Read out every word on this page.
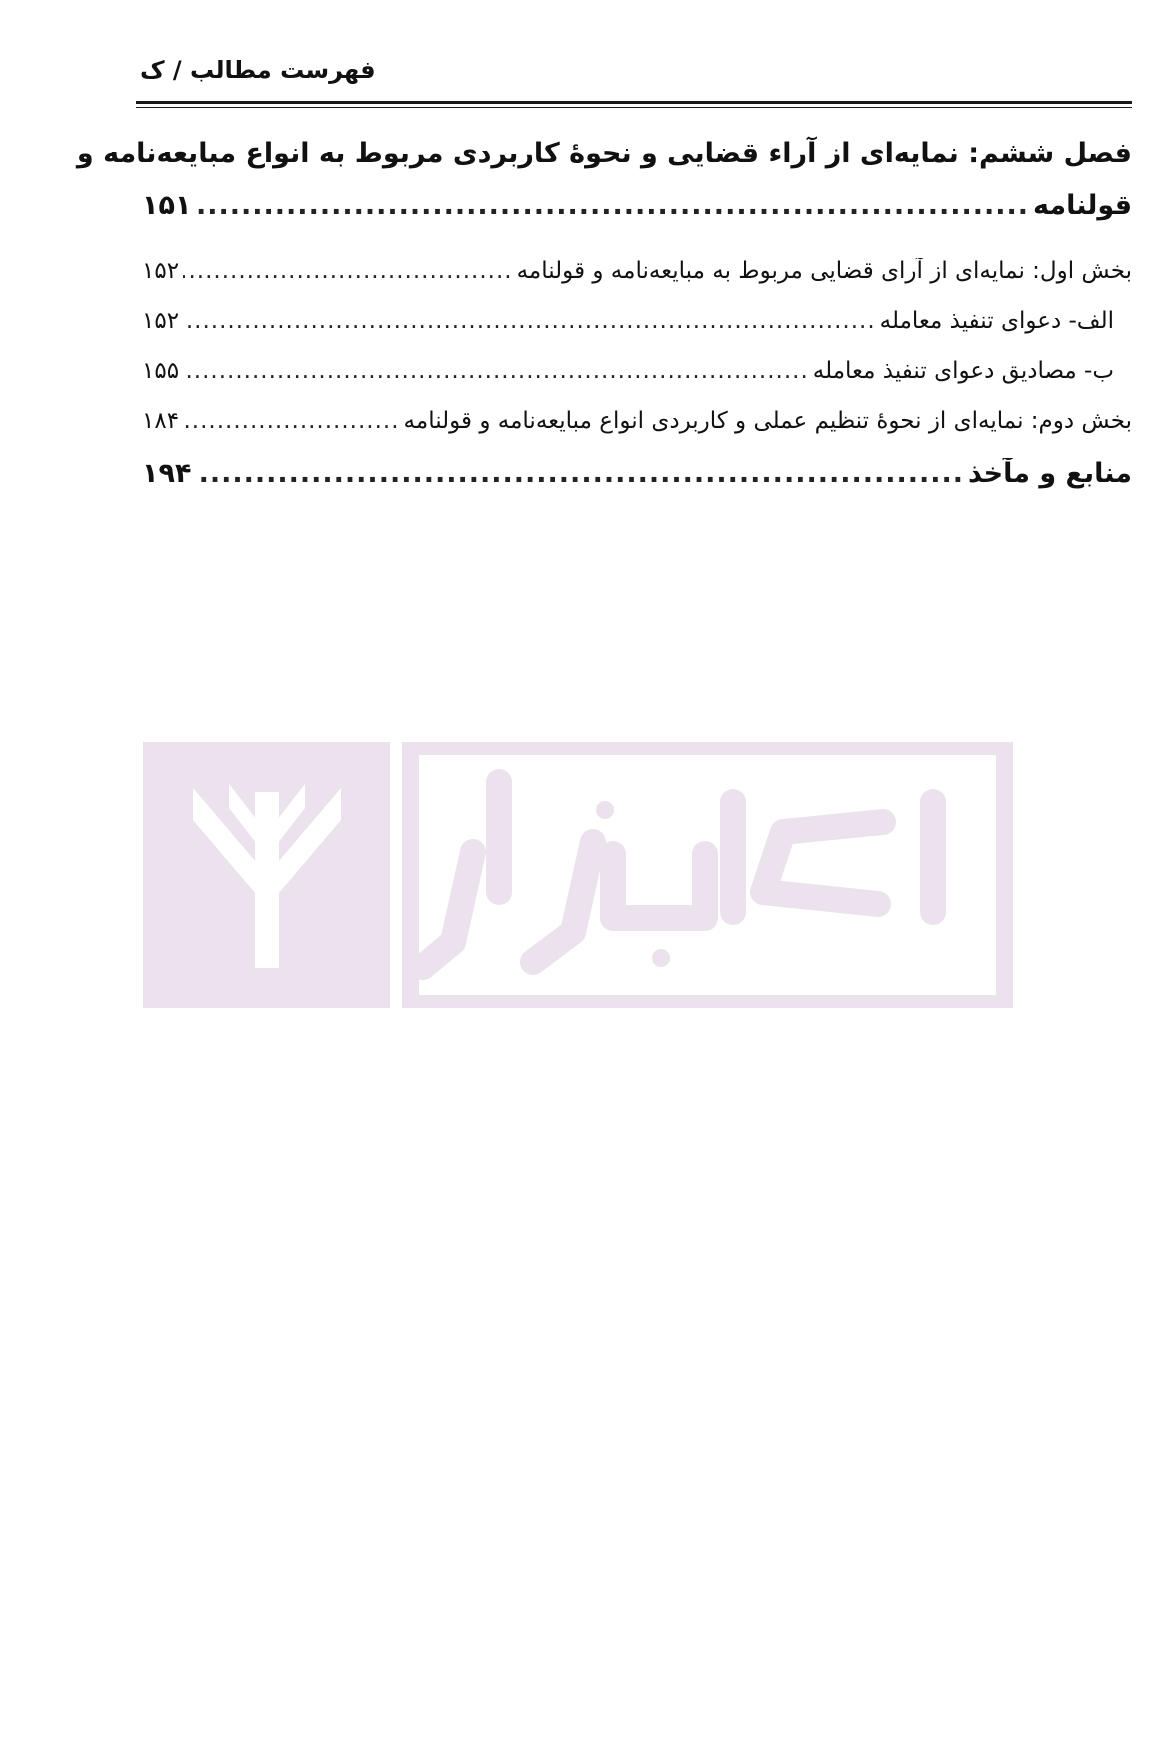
فهرست مطالب / ک
فصل ششم: نمایه‌ای از آراء قضایی و نحوهٔ کاربردی مربوط به انواع مبایعه‌نامه و
قولنامه
.....
۱۵۱
بخش اول: نمایه‌ای از آرای قضایی مربوط به مبایعه‌نامه و قولنامه
.....
۱۵۲
الف- دعوای تنفیذ معامله
.....
۱۵۲
ب- مصادیق دعوای تنفیذ معامله
.....
۱۵۵
بخش دوم: نمایه‌ای از نحوهٔ تنظیم عملی و کاربردی انواع مبایعه‌نامه و قولنامه
.....
۱۸۴
منابع و مآخذ
.....
۱۹۴
